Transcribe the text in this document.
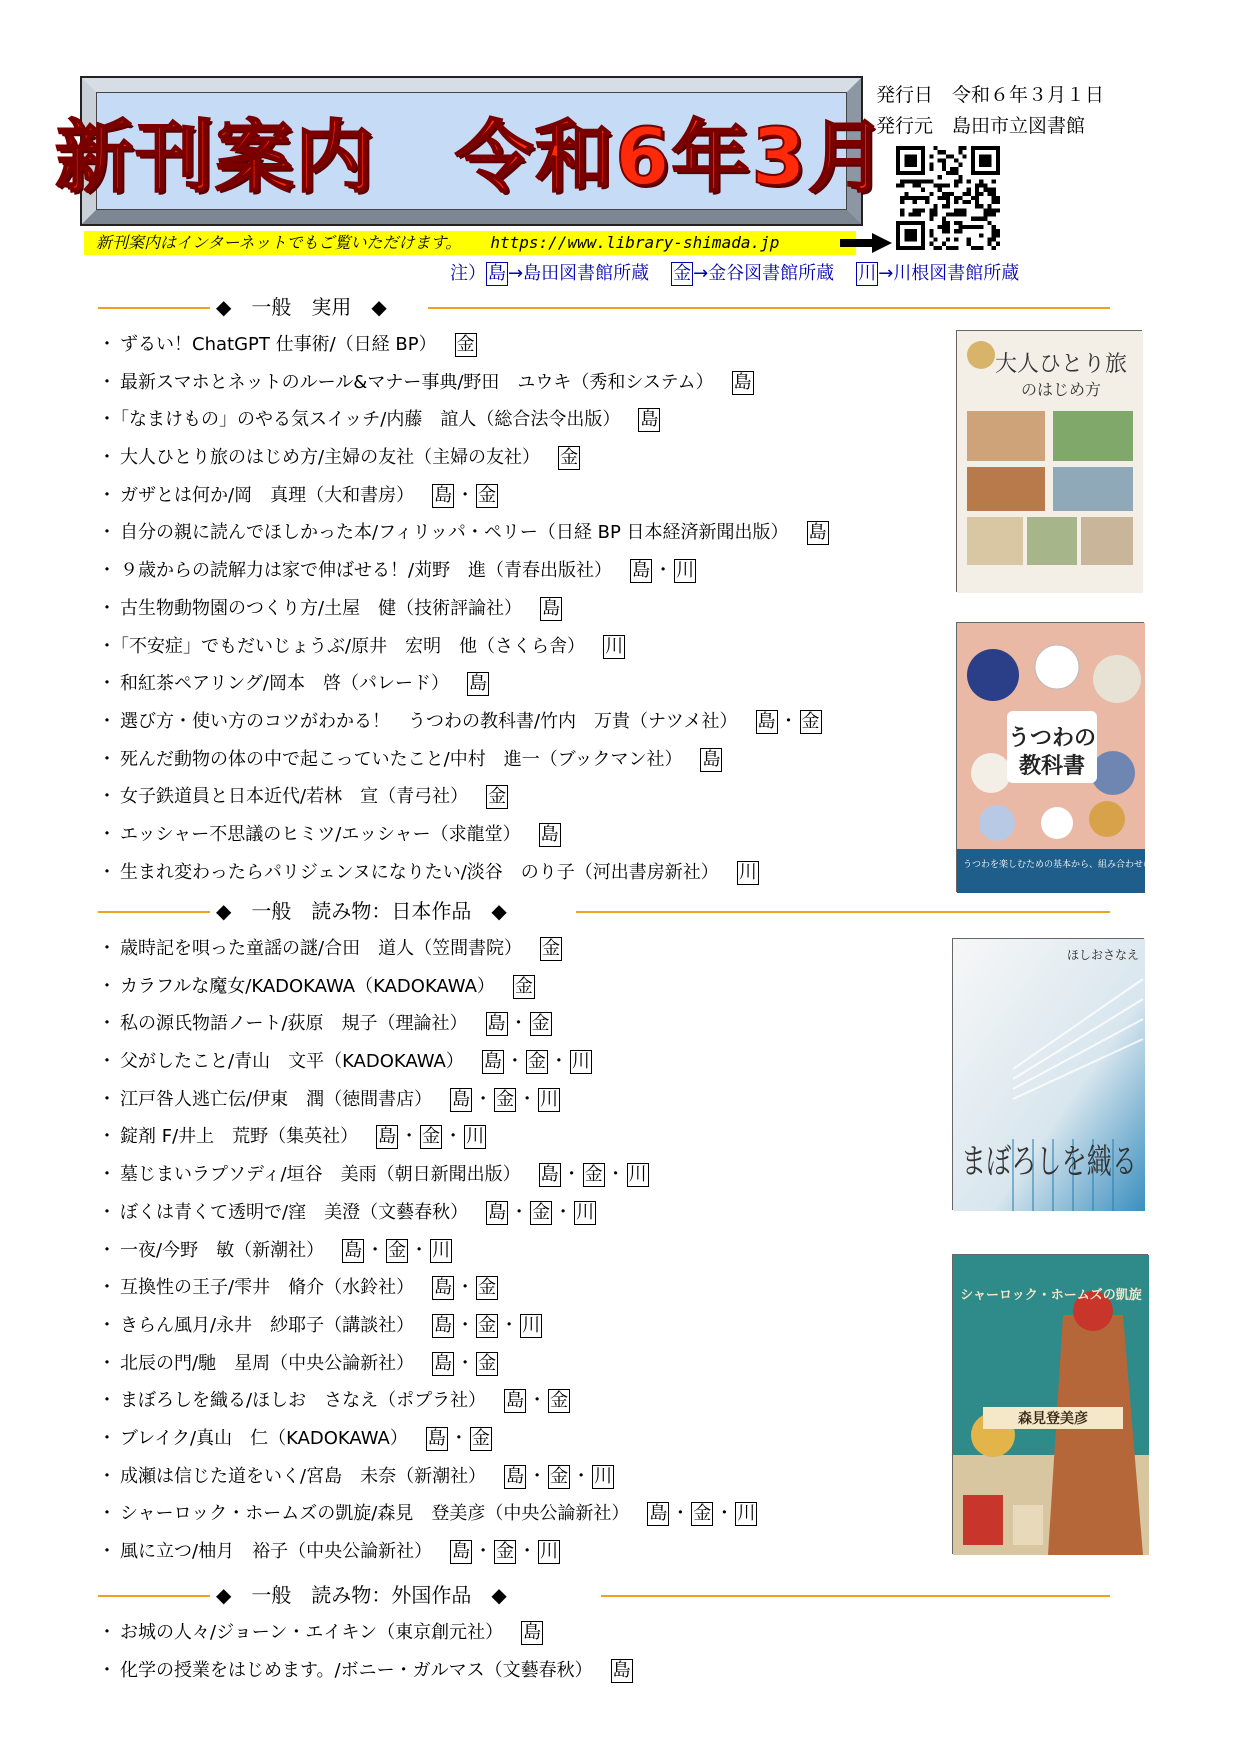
新刊案内　令和6年3月
発行日　令和６年３月１日
発行元　島田市立図書館
新刊案内はインターネットでもご覧いただけます。 https://www.library-shimada.jp
注） 島 →島田図書館所蔵 金 →金谷図書館所蔵 川 →川根図書館所蔵
◆　一般　実用　◆
・ ずるい！ChatGPT 仕事術/（日経 BP） 金
・ 最新スマホとネットのルール&マナー事典/野田　ユウキ（秀和システム） 島
・ 「なまけもの」のやる気スイッチ/内藤　誼人（総合法令出版） 島
・ 大人ひとり旅のはじめ方/主婦の友社（主婦の友社） 金
・ ガザとは何か/岡　真理（大和書房） 島 ・ 金
・ 自分の親に読んでほしかった本/フィリッパ・ペリー（日経 BP 日本経済新聞出版） 島
・ ９歳からの読解力は家で伸ばせる！/苅野　進（青春出版社） 島 ・ 川
・ 古生物動物園のつくり方/土屋　健（技術評論社） 島
・ 「不安症」でもだいじょうぶ/原井　宏明　他（さくら舎） 川
・ 和紅茶ペアリング/岡本　啓（パレード） 島
・ 選び方・使い方のコツがわかる！　うつわの教科書/竹内　万貴（ナツメ社） 島 ・ 金
・ 死んだ動物の体の中で起こっていたこと/中村　進一（ブックマン社） 島
・ 女子鉄道員と日本近代/若林　宣（青弓社） 金
・ エッシャー不思議のヒミツ/エッシャー（求龍堂） 島
・ 生まれ変わったらパリジェンヌになりたい/淡谷　のり子（河出書房新社） 川
◆　一般　読み物：日本作品　◆
・ 歳時記を唄った童謡の謎/合田　道人（笠間書院） 金
・ カラフルな魔女/KADOKAWA（KADOKAWA） 金
・ 私の源氏物語ノート/荻原　規子（理論社） 島 ・ 金
・ 父がしたこと/青山　文平（KADOKAWA） 島 ・ 金 ・ 川
・ 江戸咎人逃亡伝/伊東　潤（徳間書店） 島 ・ 金 ・ 川
・ 錠剤 F/井上　荒野（集英社） 島 ・ 金 ・ 川
・ 墓じまいラプソディ/垣谷　美雨（朝日新聞出版） 島 ・ 金 ・ 川
・ ぼくは青くて透明で/窪　美澄（文藝春秋） 島 ・ 金 ・ 川
・ 一夜/今野　敏（新潮社） 島 ・ 金 ・ 川
・ 互換性の王子/雫井　脩介（水鈴社） 島 ・ 金
・ きらん風月/永井　紗耶子（講談社） 島 ・ 金 ・ 川
・ 北辰の門/馳　星周（中央公論新社） 島 ・ 金
・ まぼろしを織る/ほしお　さなえ（ポプラ社） 島 ・ 金
・ ブレイク/真山　仁（KADOKAWA） 島 ・ 金
・ 成瀬は信じた道をいく/宮島　未奈（新潮社） 島 ・ 金 ・ 川
・ シャーロック・ホームズの凱旋/森見　登美彦（中央公論新社） 島 ・ 金 ・ 川
・ 風に立つ/柚月　裕子（中央公論新社） 島 ・ 金 ・ 川
◆　一般　読み物：外国作品　◆
・ お城の人々/ジョーン・エイキン（東京創元社） 島
・ 化学の授業をはじめます。/ボニー・ガルマス（文藝春秋） 島
大人ひとり旅
のはじめ方
うつわの
教科書
うつわを楽しむための基本から、組み合わせのアイデアまで
ほしおさなえ
まぼろしを織る
森見登美彦
シャーロック・ホームズの凱旋
